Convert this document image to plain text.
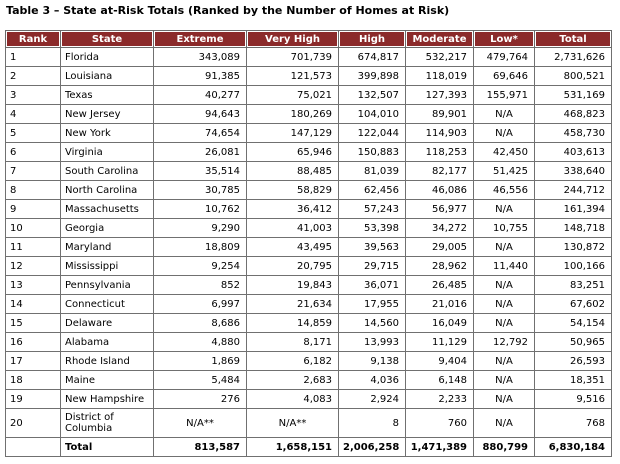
Table 3 – State at-Risk Totals (Ranked by the Number of Homes at Risk)
Rank	State	Extreme	Very High	High	Moderate	Low*	Total
1	Florida	343,089	701,739	674,817	532,217	479,764	2,731,626
2	Louisiana	91,385	121,573	399,898	118,019	69,646	800,521
3	Texas	40,277	75,021	132,507	127,393	155,971	531,169
4	New Jersey	94,643	180,269	104,010	89,901	N/A	468,823
5	New York	74,654	147,129	122,044	114,903	N/A	458,730
6	Virginia	26,081	65,946	150,883	118,253	42,450	403,613
7	South Carolina	35,514	88,485	81,039	82,177	51,425	338,640
8	North Carolina	30,785	58,829	62,456	46,086	46,556	244,712
9	Massachusetts	10,762	36,412	57,243	56,977	N/A	161,394
10	Georgia	9,290	41,003	53,398	34,272	10,755	148,718
11	Maryland	18,809	43,495	39,563	29,005	N/A	130,872
12	Mississippi	9,254	20,795	29,715	28,962	11,440	100,166
13	Pennsylvania	852	19,843	36,071	26,485	N/A	83,251
14	Connecticut	6,997	21,634	17,955	21,016	N/A	67,602
15	Delaware	8,686	14,859	14,560	16,049	N/A	54,154
16	Alabama	4,880	8,171	13,993	11,129	12,792	50,965
17	Rhode Island	1,869	6,182	9,138	9,404	N/A	26,593
18	Maine	5,484	2,683	4,036	6,148	N/A	18,351
19	New Hampshire	276	4,083	2,924	2,233	N/A	9,516
20	District of Columbia	N/A**	N/A**	8	760	N/A	768
	Total	813,587	1,658,151	2,006,258	1,471,389	880,799	6,830,184
